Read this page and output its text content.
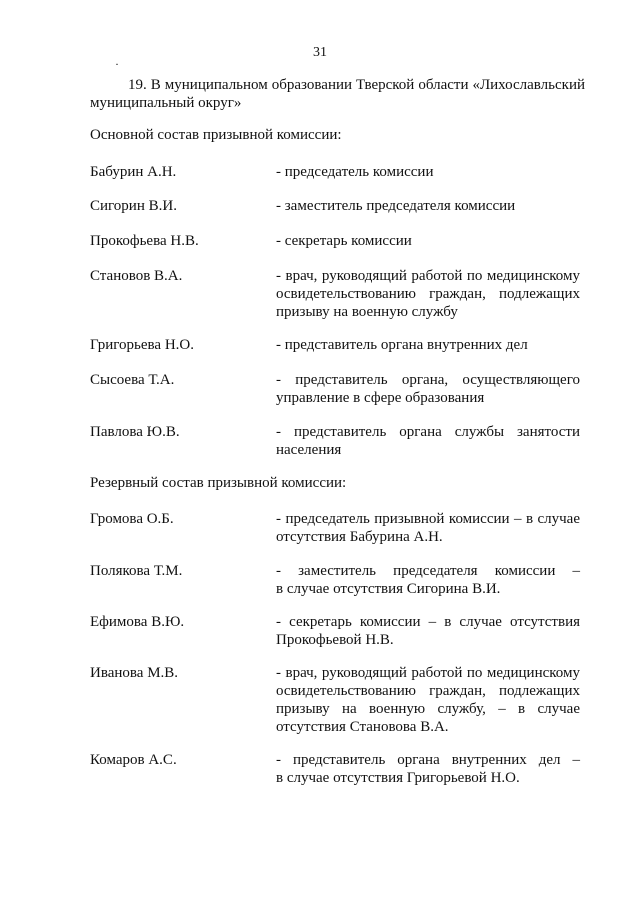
31
·
19. В муниципальном образовании Тверской области «Лихославльский муниципальный округ»
Основной состав призывной комиссии:
Бабурин А.Н.	- председатель комиссии
Сигорин В.И.	- заместитель председателя комиссии
Прокофьева Н.В.	- секретарь комиссии
Становов В.А.	- врач, руководящий работой по медицинскому
освидетельствованию граждан, подлежащих
призыву на военную службу
Григорьева Н.О.	- представитель органа внутренних дел
Сысоева Т.А.	- представитель органа, осуществляющего
управление в сфере образования
Павлова Ю.В.	- представитель органа службы занятости
населения
Резервный состав призывной комиссии:
Громова О.Б.	- председатель призывной комиссии – в случае
отсутствия Бабурина А.Н.
Полякова Т.М.	- заместитель председателя комиссии –
в случае отсутствия Сигорина В.И.
Ефимова В.Ю.	- секретарь комиссии – в случае отсутствия
Прокофьевой Н.В.
Иванова М.В.	- врач, руководящий работой по медицинскому
освидетельствованию граждан, подлежащих
призыву на военную службу, – в случае
отсутствия Становова В.А.
Комаров А.С.	- представитель органа внутренних дел –
в случае отсутствия Григорьевой Н.О.
